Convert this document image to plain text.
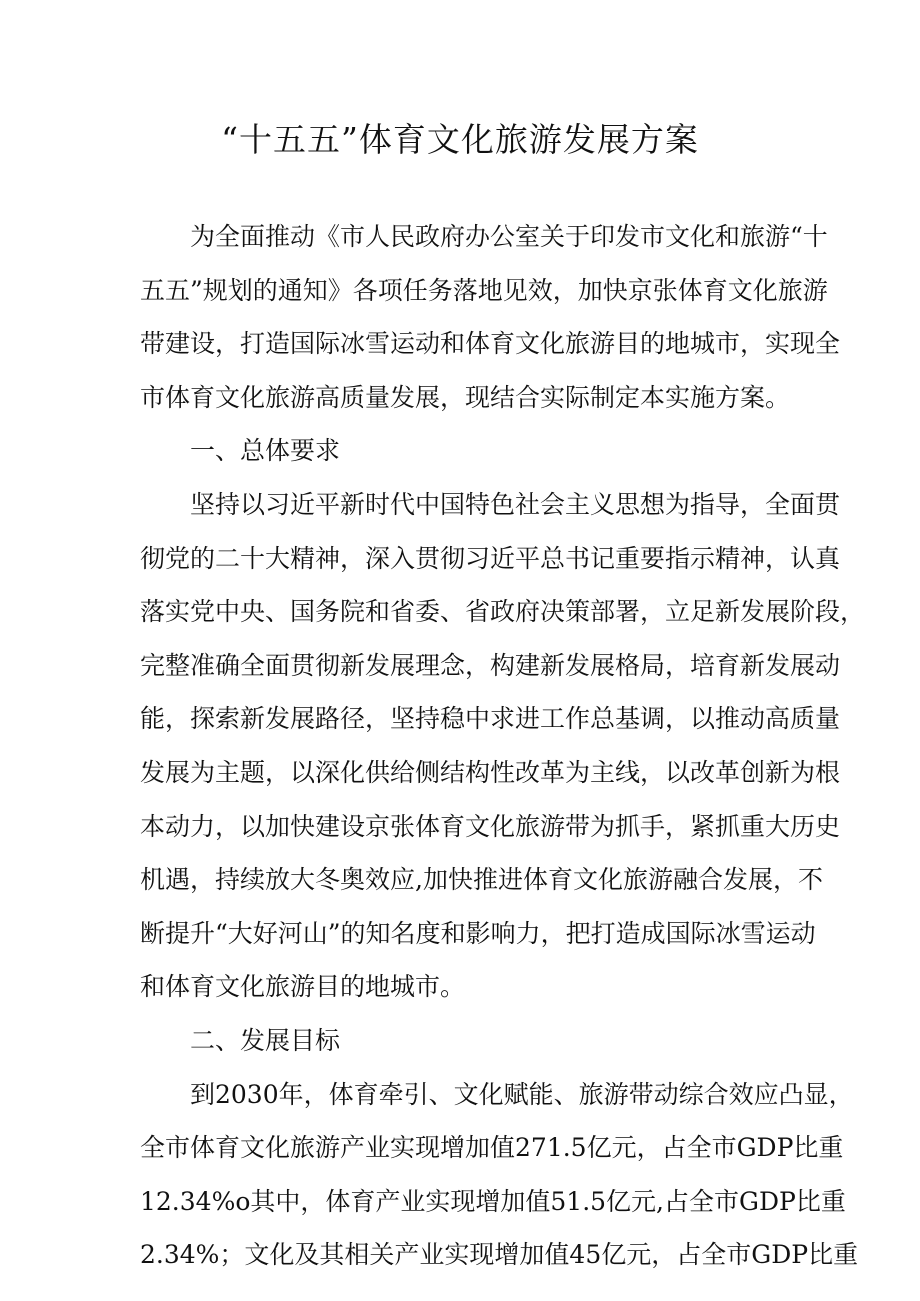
“十五五”体育文化旅游发展方案

为全面推动《市人民政府办公室关于印发市文化和旅游“十

五五”规划的通知》各项任务落地见效，加快京张体育文化旅游

带建设，打造国际冰雪运动和体育文化旅游目的地城市，实现全

市体育文化旅游高质量发展，现结合实际制定本实施方案。

一、总体要求

坚持以习近平新时代中国特色社会主义思想为指导，全面贯

彻党的二十大精神，深入贯彻习近平总书记重要指示精神，认真

落实党中央、国务院和省委、省政府决策部署，立足新发展阶段，

完整准确全面贯彻新发展理念，构建新发展格局，培育新发展动

能，探索新发展路径，坚持稳中求进工作总基调，以推动高质量

发展为主题，以深化供给侧结构性改革为主线，以改革创新为根

本动力，以加快建设京张体育文化旅游带为抓手，紧抓重大历史

机遇，持续放大冬奥效应,加快推进体育文化旅游融合发展，不

断提升“大好河山”的知名度和影响力，把打造成国际冰雪运动

和体育文化旅游目的地城市。

二、发展目标

到2030年，体育牵引、文化赋能、旅游带动综合效应凸显，

全市体育文化旅游产业实现增加值271.5亿元，占全市GDP比重

12.34%o其中，体育产业实现增加值51.5亿元,占全市GDP比重

2.34%；文化及其相关产业实现增加值45亿元，占全市GDP比重
